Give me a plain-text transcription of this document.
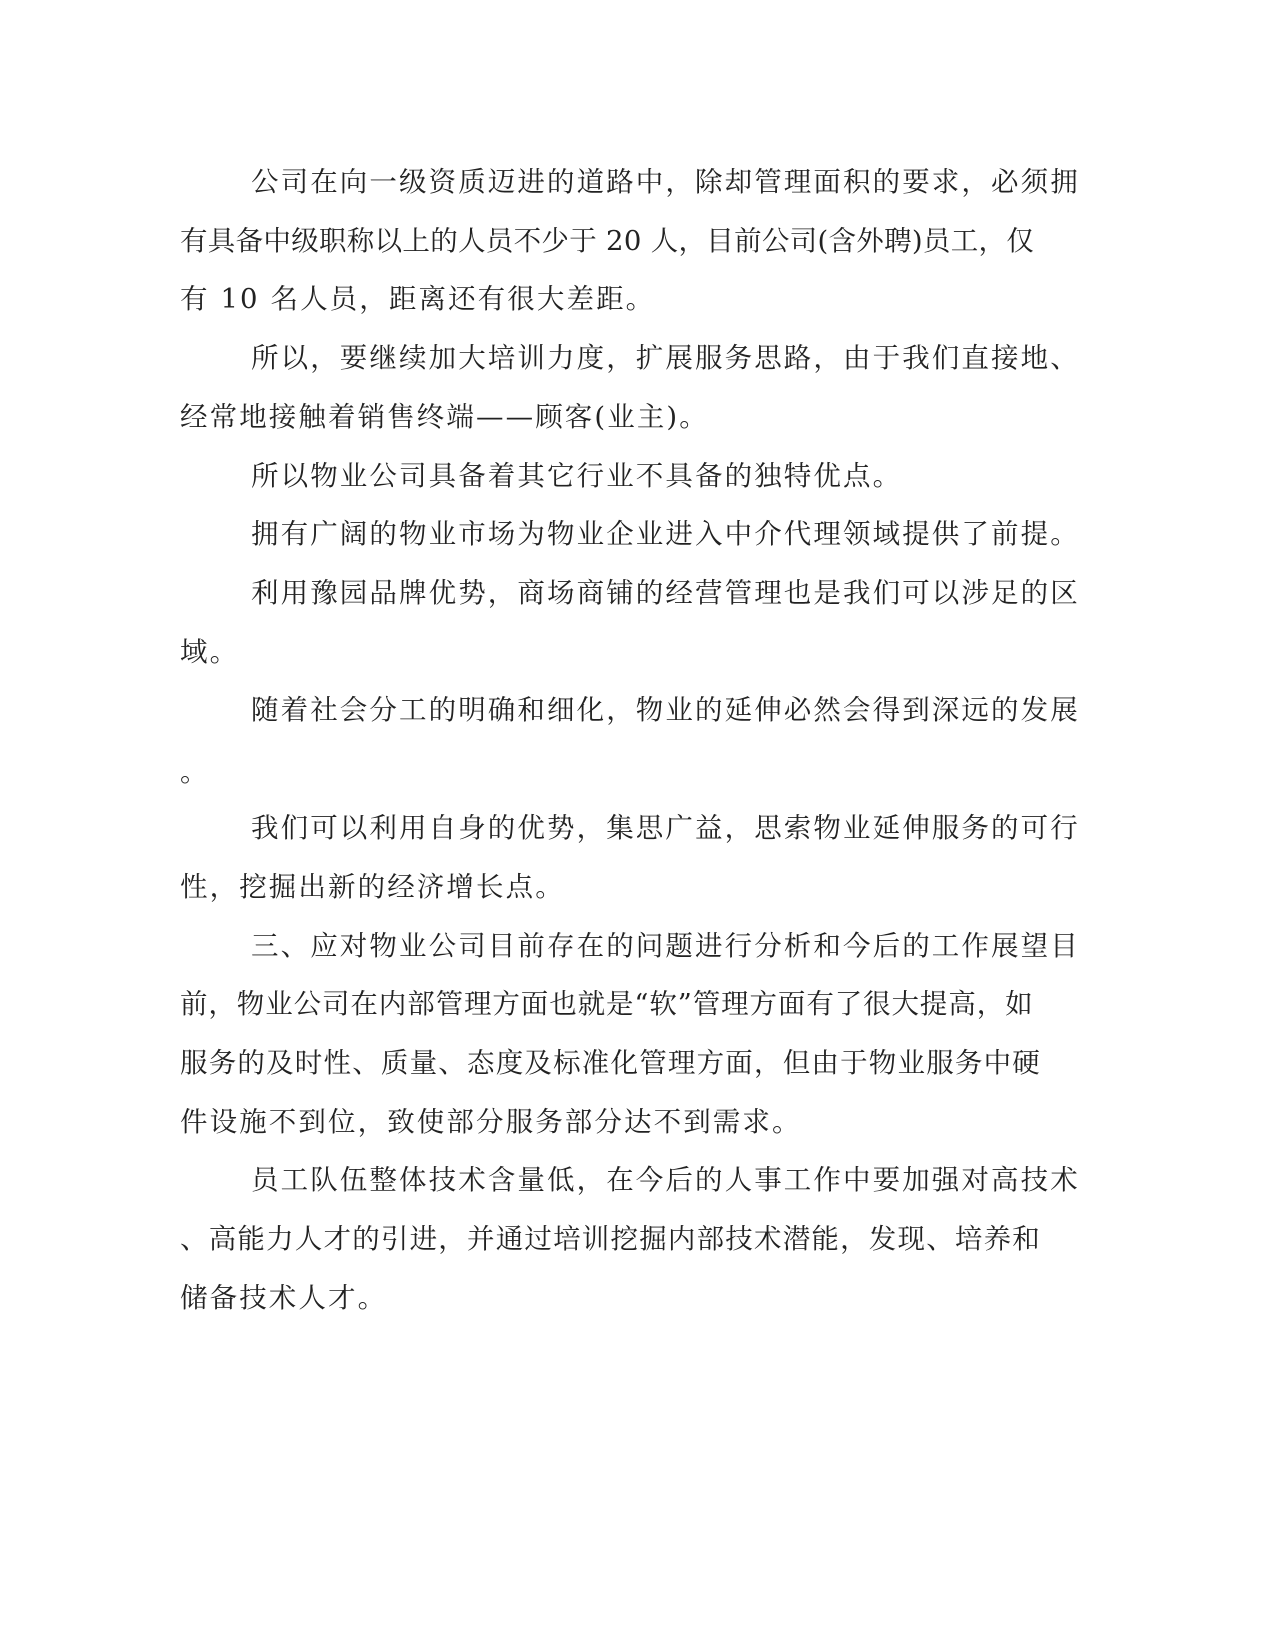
公司在向一级资质迈进的道路中，除却管理面积的要求，必须拥
有具备中级职称以上的人员不少于 20 人，目前公司(含外聘)员工，仅
有 10 名人员，距离还有很大差距。
所以，要继续加大培训力度，扩展服务思路，由于我们直接地、
经常地接触着销售终端——顾客(业主)。
所以物业公司具备着其它行业不具备的独特优点。
拥有广阔的物业市场为物业企业进入中介代理领域提供了前提。
利用豫园品牌优势，商场商铺的经营管理也是我们可以涉足的区
域。
随着社会分工的明确和细化，物业的延伸必然会得到深远的发展
。
我们可以利用自身的优势，集思广益，思索物业延伸服务的可行
性，挖掘出新的经济增长点。
三、应对物业公司目前存在的问题进行分析和今后的工作展望目
前，物业公司在内部管理方面也就是“软”管理方面有了很大提高，如
服务的及时性、质量、态度及标准化管理方面，但由于物业服务中硬
件设施不到位，致使部分服务部分达不到需求。
员工队伍整体技术含量低，在今后的人事工作中要加强对高技术
、高能力人才的引进，并通过培训挖掘内部技术潜能，发现、培养和
储备技术人才。
